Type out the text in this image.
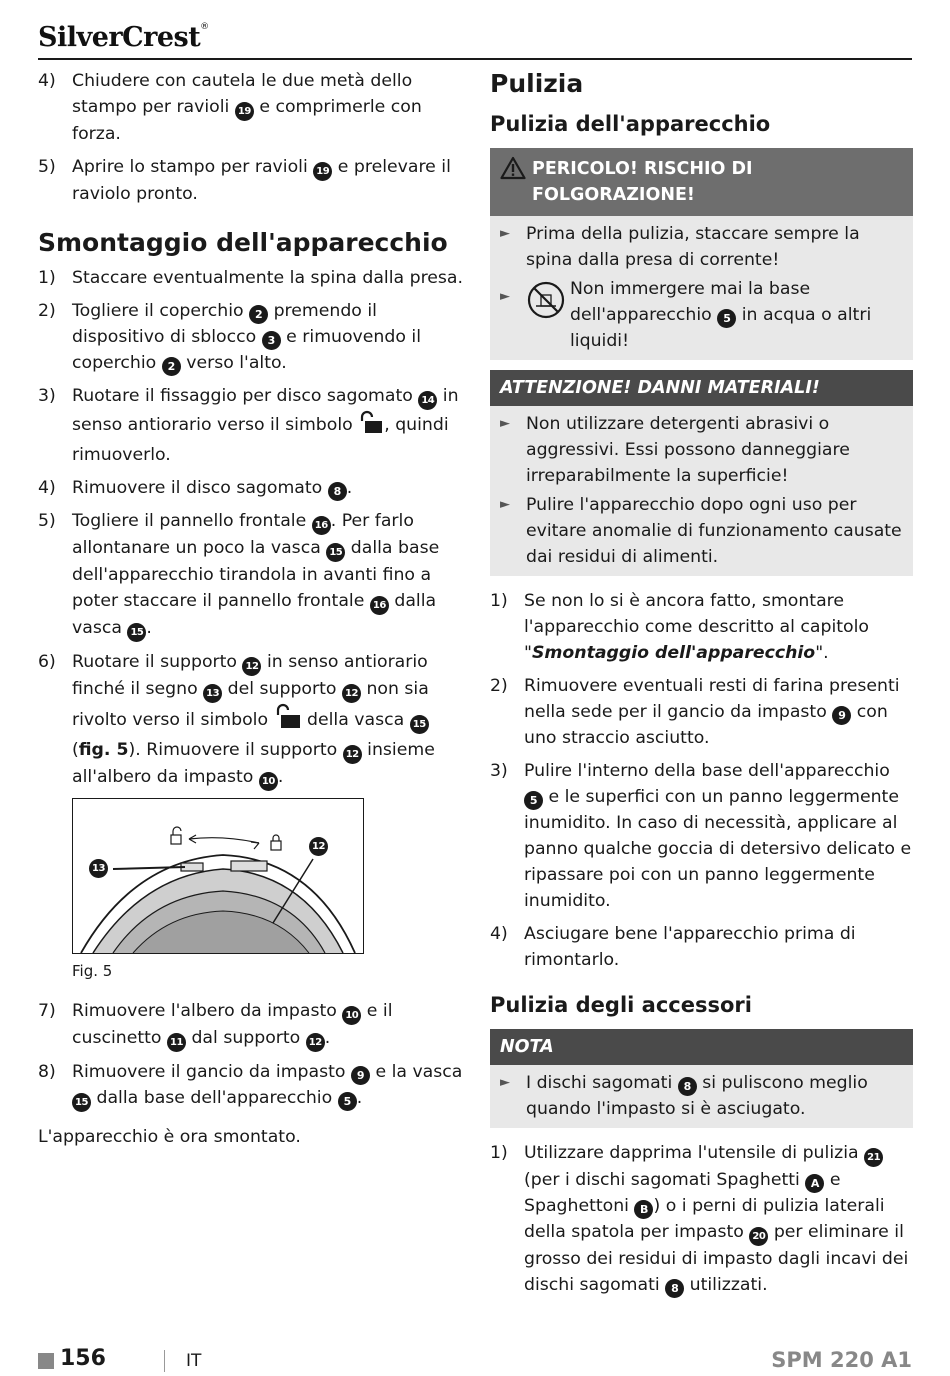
SilverCrest®
4) Chiudere con cautela le due metà dello stampo per ravioli 19 e comprimerle con forza.
5) Aprire lo stampo per ravioli 19 e prelevare il raviolo pronto.
Smontaggio dell'apparecchio
1) Staccare eventualmente la spina dalla presa.
2) Togliere il coperchio 2 premendo il dispositivo di sblocco 3 e rimuovendo il coperchio 2 verso l'alto.
3) Ruotare il fissaggio per disco sagomato 14 in senso antiorario verso il simbolo , quindi rimuoverlo.
4) Rimuovere il disco sagomato 8 .
5) Togliere il pannello frontale 16 . Per farlo allontanare un poco la vasca 15 dalla base dell'apparecchio tirandola in avanti fino a poter staccare il pannello frontale 16 dalla vasca 15 .
6) Ruotare il supporto 12 in senso antiorario finché il segno 13 del supporto 12 non sia rivolto verso il simbolo  della vasca 15
(fig. 5). Rimuovere il supporto 12 insieme all'albero da impasto 10 .
13
12
Fig. 5
7) Rimuovere l'albero da impasto 10 e il cuscinetto 11 dal supporto 12 .
8) Rimuovere il gancio da impasto 9 e la vasca 15 dalla base dell'apparecchio 5 .
L'apparecchio è ora smontato.
Pulizia
Pulizia dell'apparecchio
PERICOLO! RISCHIO DI FOLGORAZIONE!
► Prima della pulizia, staccare sempre la spina dalla presa di corrente!
►	Non immergere mai la base dell'apparecchio 5 in acqua o altri liquidi!
ATTENZIONE! DANNI MATERIALI!
► Non utilizzare detergenti abrasivi o aggressivi. Essi possono danneggiare irreparabilmente la superficie!
► Pulire l'apparecchio dopo ogni uso per evitare anomalie di funzionamento causate dai residui di alimenti.
1) Se non lo si è ancora fatto, smontare l'apparecchio come descritto al capitolo "Smontaggio dell'apparecchio".
2) Rimuovere eventuali resti di farina presenti nella sede per il gancio da impasto 9 con uno straccio asciutto.
3) Pulire l'interno della base dell'apparecchio 5 e le superfici con un panno leggermente inumidito. In caso di necessità, applicare al panno qualche goccia di detersivo delicato e ripassare poi con un panno leggermente inumidito.
4) Asciugare bene l'apparecchio prima di rimontarlo.
Pulizia degli accessori
NOTA
► I dischi sagomati 8 si puliscono meglio quando l'impasto si è asciugato.
1) Utilizzare dapprima l'utensile di pulizia 21 (per i dischi sagomati Spaghetti A e Spaghettoni B ) o i perni di pulizia laterali della spatola per impasto 20 per eliminare il grosso dei residui di impasto dagli incavi dei dischi sagomati 8 utilizzati.
156	IT	SPM 220 A1
